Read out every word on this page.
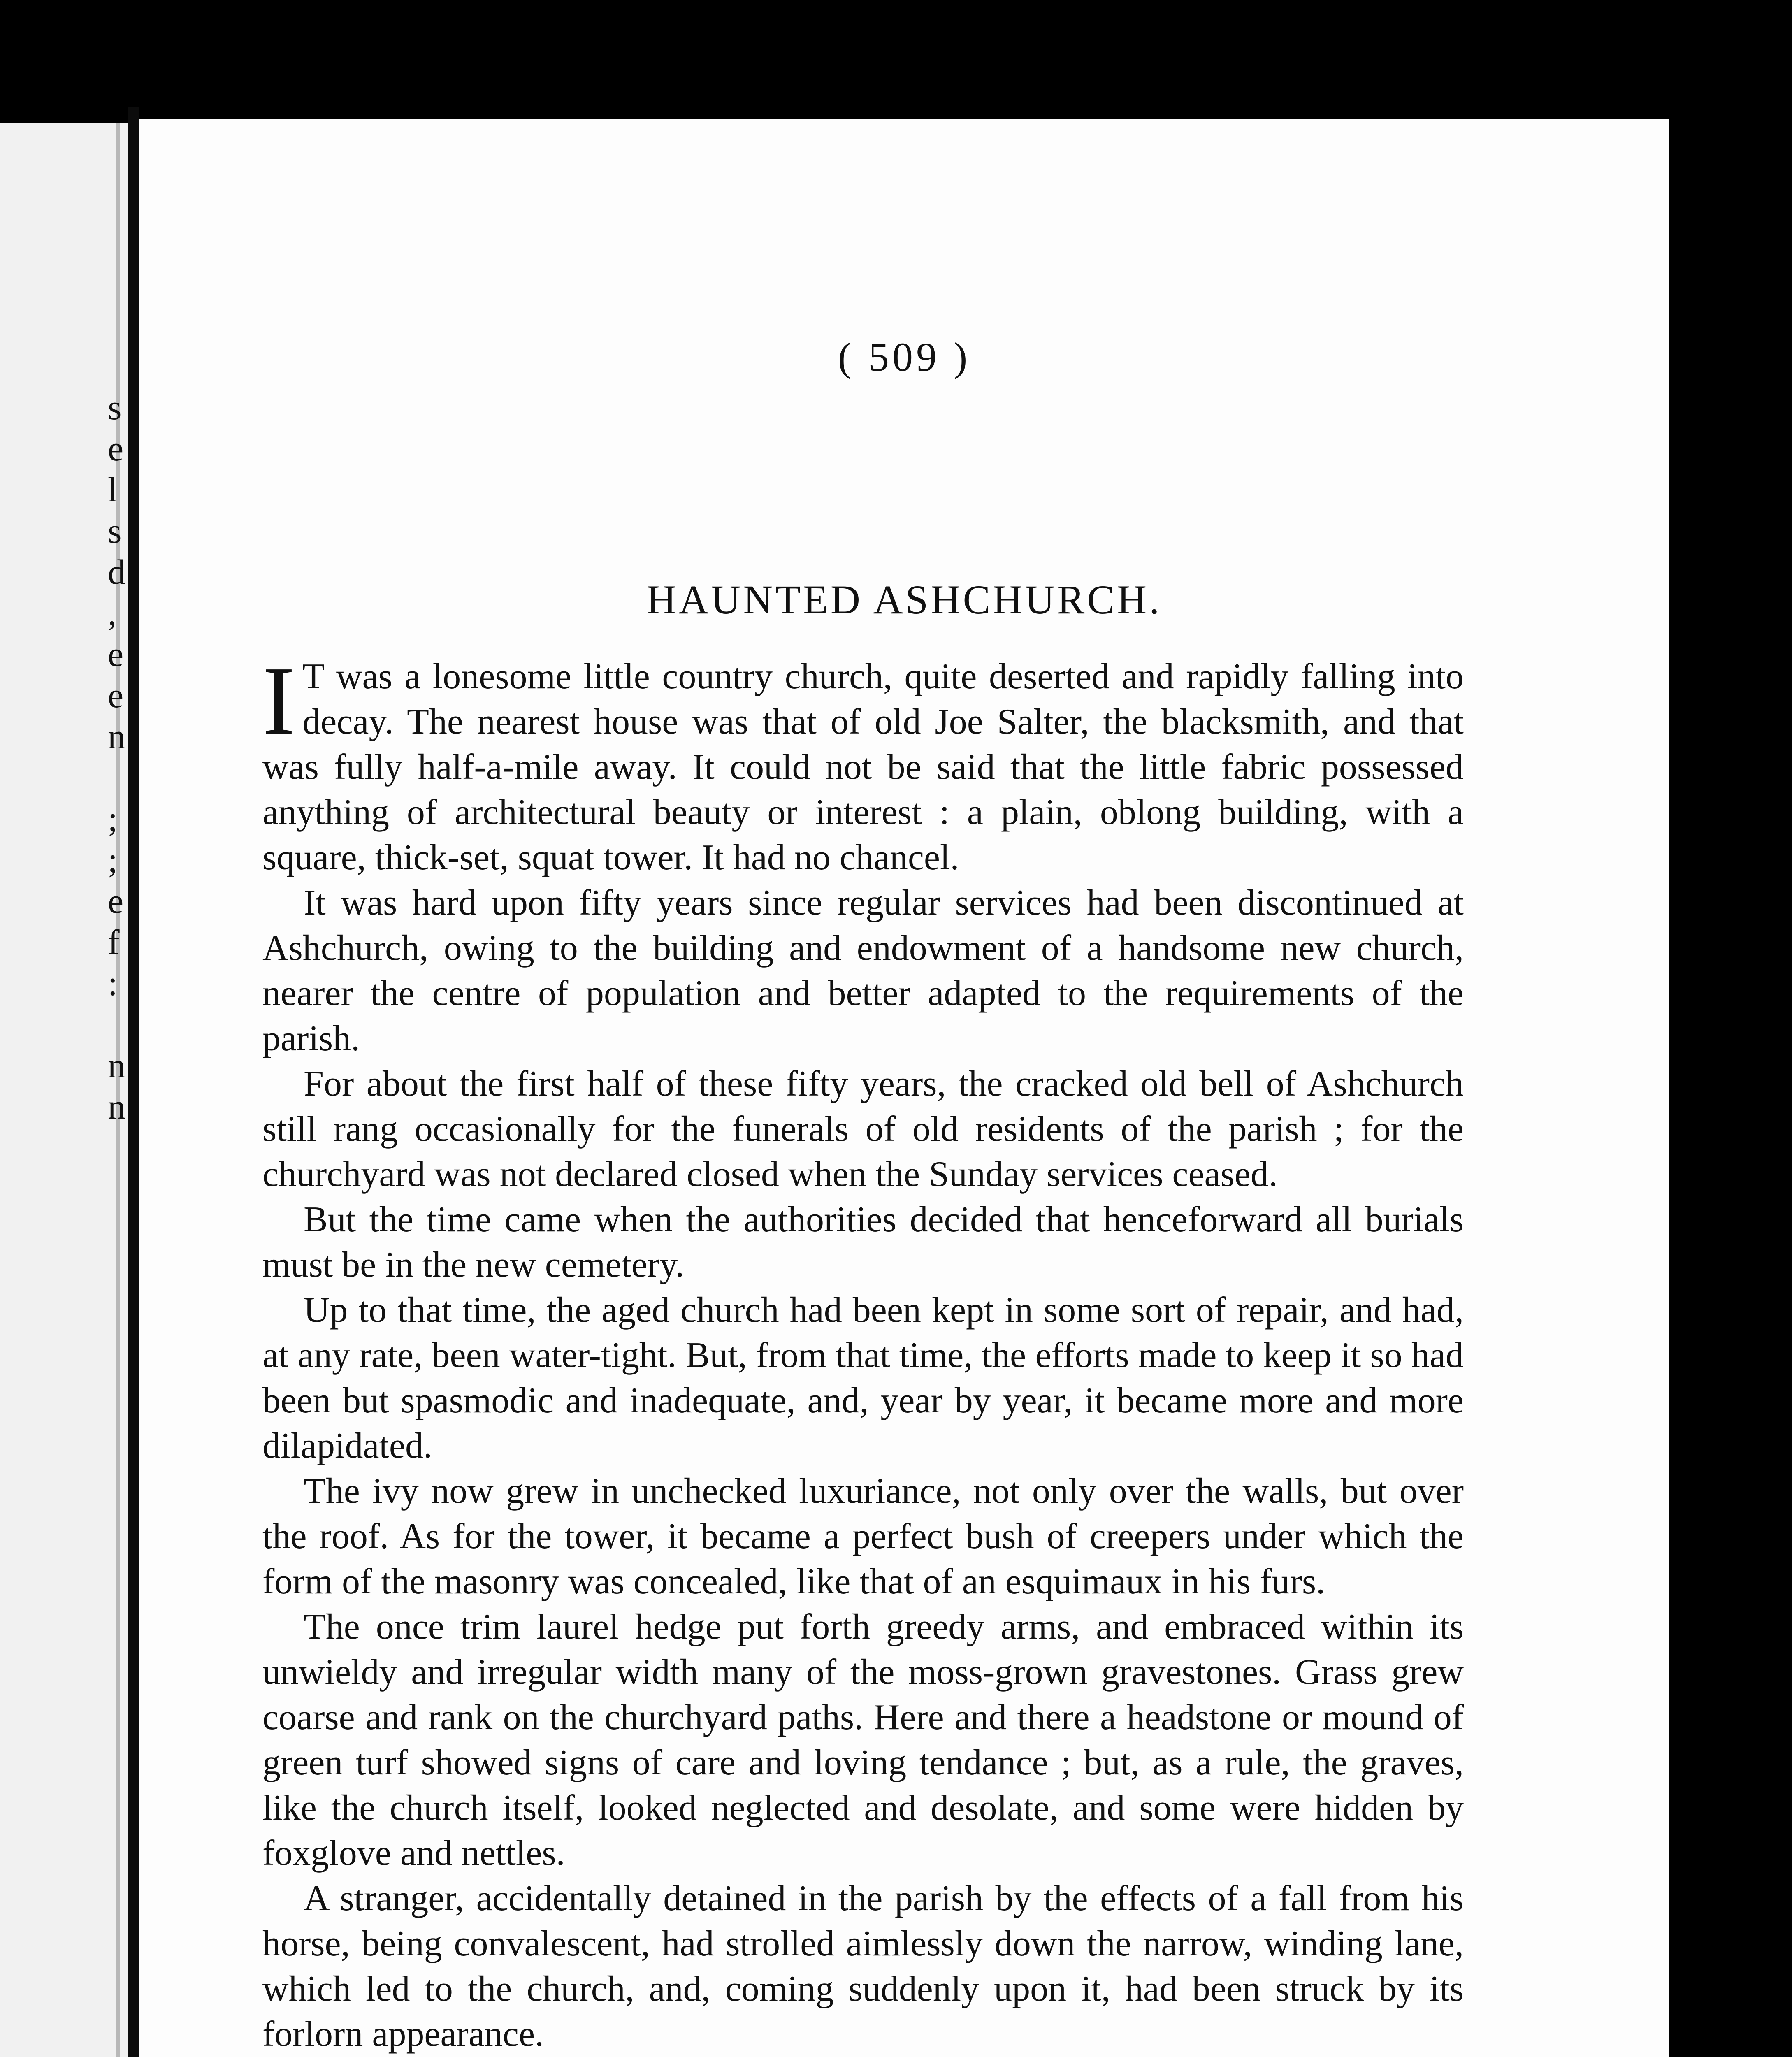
s
e
l
s
d
,
e
e
n
;
;
e
f
:
n
n
( 509 )
HAUNTED ASHCHURCH.

I T was a lonesome little country church, quite deserted and rapidly falling into decay. The nearest house was that of old Joe Salter, the blacksmith, and that was fully half-a-mile away. It could not be said that the little fabric possessed anything of architectural beauty or interest : a plain, oblong building, with a square, thick-set, squat tower. It had no chancel.

It was hard upon fifty years since regular services had been discontinued at Ashchurch, owing to the building and endowment of a handsome new church, nearer the centre of population and better adapted to the requirements of the parish.

For about the first half of these fifty years, the cracked old bell of Ashchurch still rang occasionally for the funerals of old residents of the parish ; for the churchyard was not declared closed when the Sunday services ceased.

But the time came when the authorities decided that henceforward all burials must be in the new cemetery.

Up to that time, the aged church had been kept in some sort of repair, and had, at any rate, been water-tight. But, from that time, the efforts made to keep it so had been but spasmodic and inadequate, and, year by year, it became more and more dilapidated.

The ivy now grew in unchecked luxuriance, not only over the walls, but over the roof. As for the tower, it became a perfect bush of creepers under which the form of the masonry was concealed, like that of an esquimaux in his furs.

The once trim laurel hedge put forth greedy arms, and embraced within its unwieldy and irregular width many of the moss-grown gravestones. Grass grew coarse and rank on the churchyard paths. Here and there a headstone or mound of green turf showed signs of care and loving tendance ; but, as a rule, the graves, like the church itself, looked neglected and desolate, and some were hidden by foxglove and nettles.

A stranger, accidentally detained in the parish by the effects of a fall from his horse, being convalescent, had strolled aimlessly down the narrow, winding lane, which led to the church, and, coming suddenly upon it, had been struck by its forlorn appearance.
